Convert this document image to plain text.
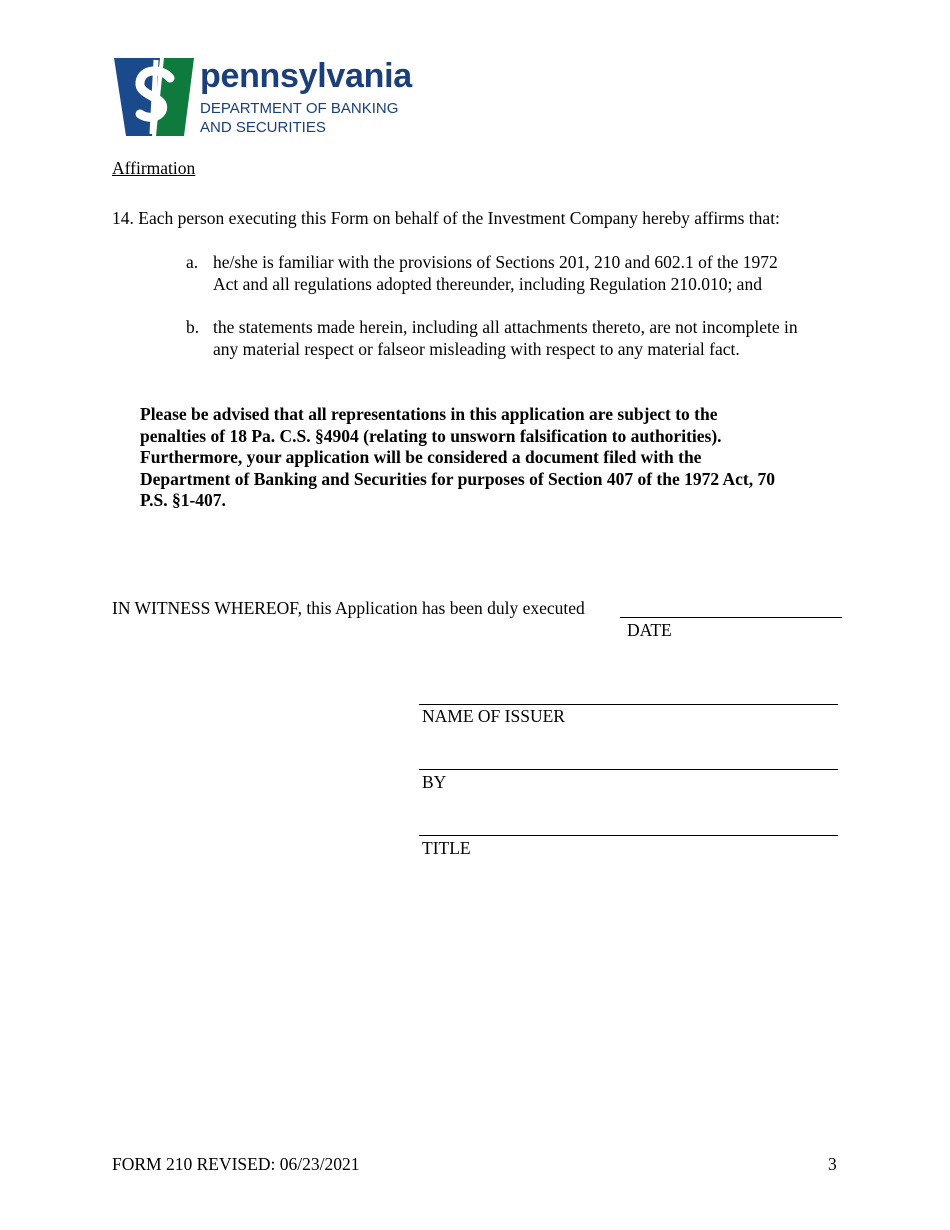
pennsylvania
DEPARTMENT OF BANKING
AND SECURITIES
Affirmation
14. Each person executing this Form on behalf of the Investment Company hereby affirms that:
a. he/she is familiar with the provisions of Sections 201, 210 and 602.1 of the 1972
Act and all regulations adopted thereunder, including Regulation 210.010; and
b. the statements made herein, including all attachments thereto, are not incomplete in
any material respect or falseor misleading with respect to any material fact.
Please be advised that all representations in this application are subject to the
penalties of 18 Pa. C.S. §4904 (relating to unsworn falsification to authorities).
Furthermore, your application will be considered a document filed with the
Department of Banking and Securities for purposes of Section 407 of the 1972 Act, 70
P.S. §1-407.
IN WITNESS WHEREOF, this Application has been duly executed
DATE
NAME OF ISSUER
BY
TITLE
FORM 210 REVISED: 06/23/2021	3
